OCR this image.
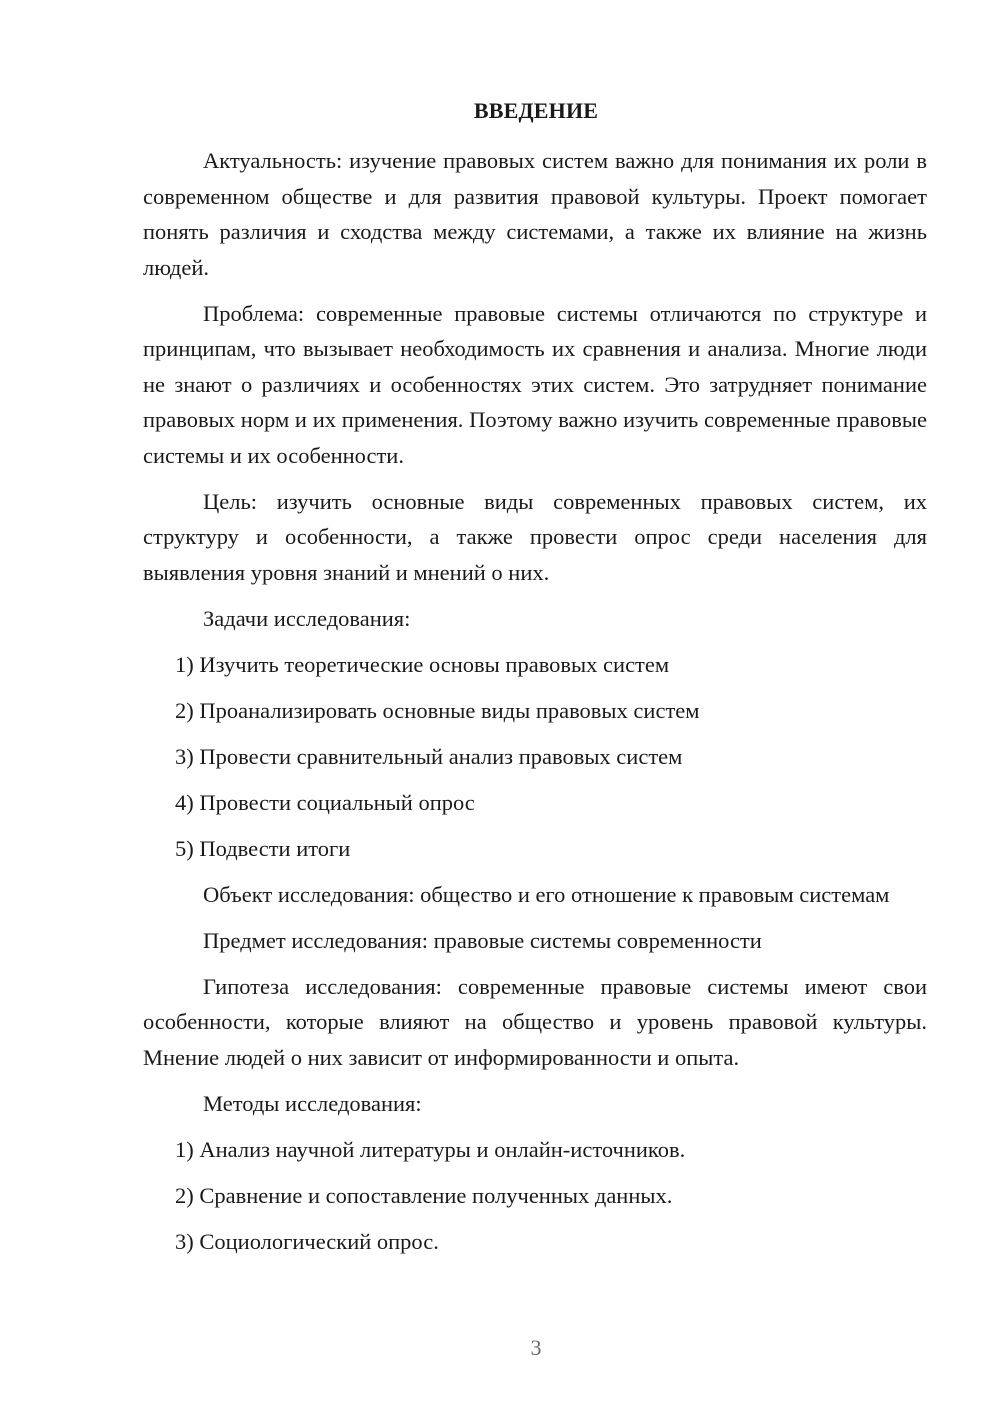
ВВЕДЕНИЕ

Актуальность: изучение правовых систем важно для понимания их роли в современном обществе и для развития правовой культуры. Проект помогает понять различия и сходства между системами, а также их влияние на жизнь людей.

Проблема: современные правовые системы отличаются по структуре и принципам, что вызывает необходимость их сравнения и анализа. Многие люди не знают о различиях и особенностях этих систем. Это затрудняет понимание правовых норм и их применения. Поэтому важно изучить современные правовые системы и их особенности.

Цель: изучить основные виды современных правовых систем, их структуру и особенности, а также провести опрос среди населения для выявления уровня знаний и мнений о них.

Задачи исследования:

1) Изучить теоретические основы правовых систем
2) Проанализировать основные виды правовых систем
3) Провести сравнительный анализ правовых систем
4) Провести социальный опрос
5) Подвести итоги

Объект исследования: общество и его отношение к правовым системам

Предмет исследования: правовые системы современности

Гипотеза исследования: современные правовые системы имеют свои особенности, которые влияют на общество и уровень правовой культуры. Мнение людей о них зависит от информированности и опыта.

Методы исследования:

1) Анализ научной литературы и онлайн-источников.
2) Сравнение и сопоставление полученных данных.
3) Социологический опрос.
3
